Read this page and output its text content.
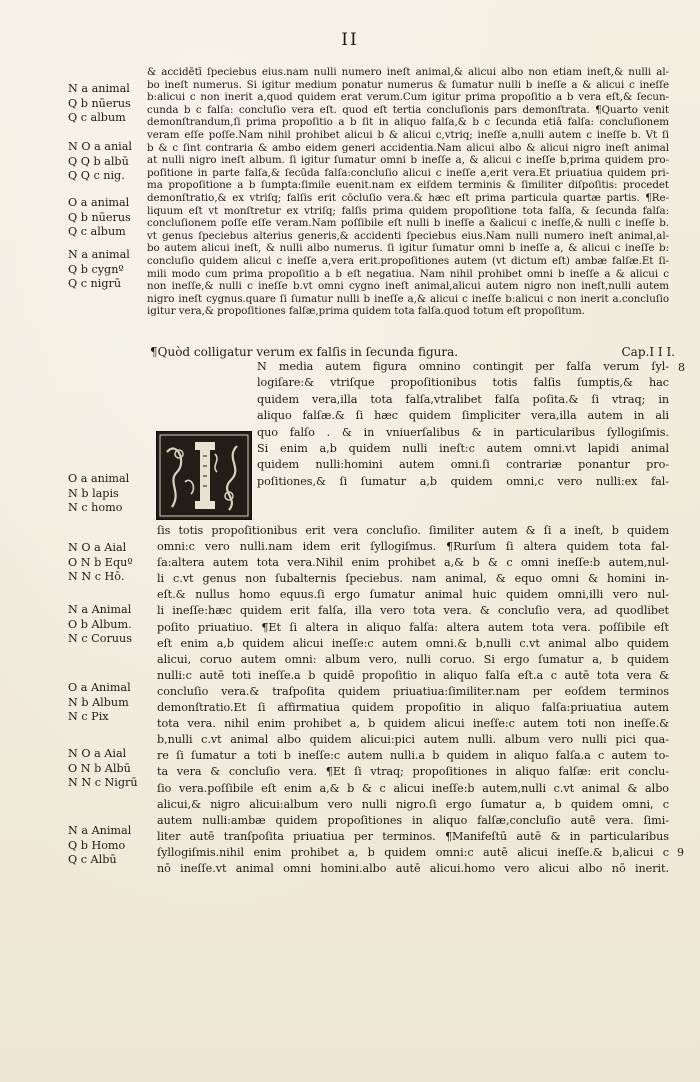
II
N a animal
Q b nūerus
Q c album
N O a anial
Q Q b albū
Q Q c nig.
O a animal
Q b nūerus
Q c album
N a animal
Q b cygnº
Q c nigrū
& accidētī ſpeciebus eius.nam nulli numero ineſt animal,& alicui albo non etiam ineſt,& nulli al-
bo ineſt numerus. Si igitur medium ponatur numerus & ſumatur nulli b ineſſe a & alicui c ineſſe
b:alicui c non inerit a,quod quidem erat verum.Cum igitur prima propoſitio a b vera eſt,& ſecun-
cunda b c falſa: concluſio vera eſt. quod eſt tertia concluſionis pars demonſtrata. ¶Quarto venit
demonſtrandum,ſi prima propoſitio a b ſit in aliquo falſa,& b c ſecunda etiā falſa: concluſionem
veram eſſe poſſe.Nam nihil prohibet alicui b & alicui c,vtriq; ineſſe a,nulli autem c ineſſe b. Vt ſi
b & c ſint contraria & ambo eidem generi accidentia.Nam alicui albo & alicui nigro ineſt animal
at nulli nigro ineſt album. ſi igitur ſumatur omni b ineſſe a, & alicui c ineſſe b,prima quidem pro-
poſitione in parte falſa,& ſecūda falſa:concluſio alicui c ineſſe a,erit vera.Et priuatiua quidem pri-
ma propoſitione a b ſumpta:ſimile euenit.nam ex eiſdem terminis & ſimiliter diſpoſitis: procedet
demonſtratio,& ex vtriſq; falſis erit cōcluſio vera.& hæc eſt prima particula quartæ partis. ¶Re-
liquum eſt vt monſtretur ex vtriſq; falſis prima quidem propoſitione tota falſa, & ſecunda falſa:
concluſionem poſſe eſſe veram.Nam poſſibile eſt nulli b ineſſe a &alicui c ineſſe,& nulli c ineſſe b.
vt genus ſpeciebus alterius generis,& accidenti ſpeciebus eius.Nam nulli numero ineſt animal,al-
bo autem alicui ineſt, & nulli albo numerus. ſi igitur ſumatur omni b ineſſe a, & alicui c ineſſe b:
concluſio quidem alicui c ineſſe a,vera erit.propoſitiones autem (vt dictum eſt) ambæ falſæ.Et ſi-
mili modo cum prima propoſitio a b eſt negatiua. Nam nihil prohibet omni b ineſſe a & alicui c
non ineſſe,& nulli c ineſſe b.vt omni cygno ineſt animal,alicui autem nigro non ineſt,nulli autem
nigro ineſt cygnus.quare ſi ſumatur nulli b ineſſe a,& alicui c ineſſe b:alicui c non inerit a.concluſio
igitur vera,& propoſitiones falſæ,prima quidem tota falſa.quod totum eſt propoſitum.
¶Quòd colligatur verum ex falſis in ſecunda figura.	Cap.I I I.
8
N media autem figura omnino contingit per falſa verum ſyl-
logiſare:& vtriſque propoſitionibus totis falſis ſumptis,& hac
quidem vera,illa tota falſa,vtralibet falſa poſita.& ſi vtraq; in
aliquo falſæ.& ſi hæc quidem ſimpliciter vera,illa autem in ali
quo falſo . & in vniuerſalibus & in particularibus ſyllogiſmis.
Si enim a,b quidem nulli ineſt:c autem omni.vt lapidi animal
quidem nulli:homini autem omni.ſi contrariæ ponantur pro-
poſitiones,& ſi ſumatur a,b quidem omni,c vero nulli:ex fal-
O a animal
N b lapis
N c homo
N O a Aial
O N b Equº
N N c Hō.
N a Animal
O b Album.
N c Coruus
O a Animal
N b Album
N c Pix
N O a Aial
O N b Albū
N N c Nigrū
N a Animal
Q b Homo
Q c Albū
ſis totis propoſitionibus erit vera concluſio. ſimiliter autem & ſi a ineſt, b quidem
omni:c vero nulli.nam idem erit ſyllogiſmus. ¶Rurſum ſi altera quidem tota fal-
ſa:altera autem tota vera.Nihil enim prohibet a,& b & c omni ineſſe:b autem,nul-
li c.vt genus non ſubalternis ſpeciebus. nam animal, & equo omni & homini in-
eſt.& nullus homo equus.ſi ergo ſumatur animal huic quidem omni,illi vero nul-
li ineſſe:hæc quidem erit falſa, illa vero tota vera. & concluſio vera, ad quodlibet
poſito priuatiuo. ¶Et ſi altera in aliquo falſa: altera autem tota vera. poſſibile eſt
eſt enim a,b quidem alicui ineſſe:c autem omni.& b,nulli c.vt animal albo quidem
alicui, coruo autem omni: album vero, nulli coruo. Si ergo ſumatur a, b quidem
nulli:c autē toti ineſſe.a b quidē propoſitio in aliquo falſa eſt.a c autē tota vera &
concluſio vera.& traſpoſita quidem priuatiua:ſimiliter.nam per eoſdem terminos
demonſtratio.Et ſi affirmatiua quidem propoſitio in aliquo falſa:priuatiua autem
tota vera. nihil enim prohibet a, b quidem alicui ineſſe:c autem toti non ineſſe.&
b,nulli c.vt animal albo quidem alicui:pici autem nulli. album vero nulli pici qua-
re ſi ſumatur a toti b ineſſe:c autem nulli.a b quidem in aliquo falſa.a c autem to-
ta vera & concluſio vera. ¶Et ſi vtraq; propoſitiones in aliquo falſæ: erit conclu-
ſio vera.poſſibile eſt enim a,& b & c alicui ineſſe:b autem,nulli c.vt animal & albo
alicui,& nigro alicui:album vero nulli nigro.ſi ergo ſumatur a, b quidem omni, c
autem nulli:ambæ quidem propoſitiones in aliquo falſæ,concluſio autē vera. ſimi-
liter autē tranſpoſita priuatiua per terminos. ¶Manifeſtū autē & in particularibus
ſyllogiſmis.nihil enim prohibet a, b quidem omni:c autē alicui ineſſe.& b,alicui c
nō ineſſe.vt animal omni homini.albo autē alicui.homo vero alicui albo nō inerit.
9
